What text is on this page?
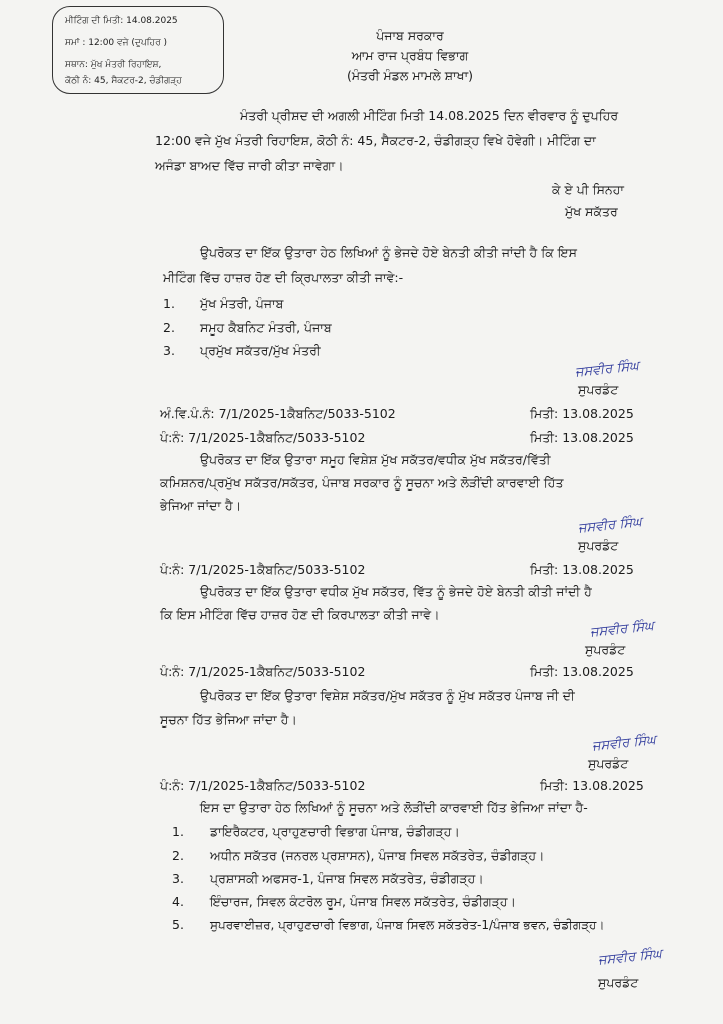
ਮੀਟਿੰਗ ਦੀ ਮਿਤੀ: 14.08.2025
ਸਮਾਂ : 12:00 ਵਜੇ (ਦੁਪਹਿਰ )
ਸਥਾਨ: ਮੁੱਖ ਮੰਤਰੀ ਰਿਹਾਇਸ਼,
ਕੋਠੀ ਨੰ: 45, ਸੈਕਟਰ-2, ਚੰਡੀਗੜ੍ਹ
ਪੰਜਾਬ ਸਰਕਾਰ
ਆਮ ਰਾਜ ਪ੍ਰਬੰਧ ਵਿਭਾਗ
(ਮੰਤਰੀ ਮੰਡਲ ਮਾਮਲੇ ਸ਼ਾਖਾ)
ਮੰਤਰੀ ਪ੍ਰੀਸ਼ਦ ਦੀ ਅਗਲੀ ਮੀਟਿੰਗ ਮਿਤੀ 14.08.2025 ਦਿਨ ਵੀਰਵਾਰ ਨੂੰ ਦੁਪਹਿਰ
12:00 ਵਜੇ ਮੁੱਖ ਮੰਤਰੀ ਰਿਹਾਇਸ਼, ਕੋਠੀ ਨੰ: 45, ਸੈਕਟਰ-2, ਚੰਡੀਗੜ੍ਹ ਵਿਖੇ ਹੋਵੇਗੀ। ਮੀਟਿੰਗ ਦਾ
ਅਜੰਡਾ ਬਾਅਦ ਵਿੱਚ ਜਾਰੀ ਕੀਤਾ ਜਾਵੇਗਾ।
ਕੇ ਏ ਪੀ ਸਿਨਹਾ
ਮੁੱਖ ਸਕੱਤਰ
ਉਪਰੋਕਤ ਦਾ ਇੱਕ ਉਤਾਰਾ ਹੇਠ ਲਿਖਿਆਂ ਨੂੰ ਭੇਜਦੇ ਹੋਏ ਬੇਨਤੀ ਕੀਤੀ ਜਾਂਦੀ ਹੈ ਕਿ ਇਸ
ਮੀਟਿੰਗ ਵਿੱਚ ਹਾਜ਼ਰ ਹੋਣ ਦੀ ਕ੍ਰਿਪਾਲਤਾ ਕੀਤੀ ਜਾਵੇ:-
1. ਮੁੱਖ ਮੰਤਰੀ, ਪੰਜਾਬ
2. ਸਮੂਹ ਕੈਬਨਿਟ ਮੰਤਰੀ, ਪੰਜਾਬ
3. ਪ੍ਰਮੁੱਖ ਸਕੱਤਰ/ਮੁੱਖ ਮੰਤਰੀ
ਜਸਵੀਰ ਸਿੰਘ
ਸੁਪਰਡੰਟ
ਅੰ.ਵਿ.ਪੰ.ਨੰ: 7/1/2025-1ਕੈਬਨਿਟ/5033-5102	ਮਿਤੀ: 13.08.2025
ਪੰ:ਨੰ: 7/1/2025-1ਕੈਬਨਿਟ/5033-5102	ਮਿਤੀ: 13.08.2025
ਉਪਰੋਕਤ ਦਾ ਇੱਕ ਉਤਾਰਾ ਸਮੂਹ ਵਿਸ਼ੇਸ਼ ਮੁੱਖ ਸਕੱਤਰ/ਵਧੀਕ ਮੁੱਖ ਸਕੱਤਰ/ਵਿੱਤੀ
ਕਮਿਸ਼ਨਰ/ਪ੍ਰਮੁੱਖ ਸਕੱਤਰ/ਸਕੱਤਰ, ਪੰਜਾਬ ਸਰਕਾਰ ਨੂੰ ਸੂਚਨਾ ਅਤੇ ਲੋੜੀਂਦੀ ਕਾਰਵਾਈ ਹਿੱਤ
ਭੇਜਿਆ ਜਾਂਦਾ ਹੈ।
ਜਸਵੀਰ ਸਿੰਘ
ਸੁਪਰਡੰਟ
ਪੰ:ਨੰ: 7/1/2025-1ਕੈਬਨਿਟ/5033-5102	ਮਿਤੀ: 13.08.2025
ਉਪਰੋਕਤ ਦਾ ਇੱਕ ਉਤਾਰਾ ਵਧੀਕ ਮੁੱਖ ਸਕੱਤਰ, ਵਿੱਤ ਨੂੰ ਭੇਜਦੇ ਹੋਏ ਬੇਨਤੀ ਕੀਤੀ ਜਾਂਦੀ ਹੈ
ਕਿ ਇਸ ਮੀਟਿੰਗ ਵਿੱਚ ਹਾਜ਼ਰ ਹੋਣ ਦੀ ਕਿਰਪਾਲਤਾ ਕੀਤੀ ਜਾਵੇ।
ਜਸਵੀਰ ਸਿੰਘ
ਸੁਪਰਡੰਟ
ਪੰ:ਨੰ: 7/1/2025-1ਕੈਬਨਿਟ/5033-5102	ਮਿਤੀ: 13.08.2025
ਉਪਰੋਕਤ ਦਾ ਇੱਕ ਉਤਾਰਾ ਵਿਸ਼ੇਸ਼ ਸਕੱਤਰ/ਮੁੱਖ ਸਕੱਤਰ ਨੂੰ ਮੁੱਖ ਸਕੱਤਰ ਪੰਜਾਬ ਜੀ ਦੀ
ਸੂਚਨਾ ਹਿੱਤ ਭੇਜਿਆ ਜਾਂਦਾ ਹੈ।
ਜਸਵੀਰ ਸਿੰਘ
ਸੁਪਰਡੰਟ
ਪੰ:ਨੰ: 7/1/2025-1ਕੈਬਨਿਟ/5033-5102	ਮਿਤੀ: 13.08.2025
ਇਸ ਦਾ ਉਤਾਰਾ ਹੇਠ ਲਿਖਿਆਂ ਨੂੰ ਸੂਚਨਾ ਅਤੇ ਲੋੜੀਂਦੀ ਕਾਰਵਾਈ ਹਿੱਤ ਭੇਜਿਆ ਜਾਂਦਾ ਹੈ-
1. ਡਾਇਰੈਕਟਰ, ਪ੍ਰਾਹੁਣਚਾਰੀ ਵਿਭਾਗ ਪੰਜਾਬ, ਚੰਡੀਗੜ੍ਹ।
2. ਅਧੀਨ ਸਕੱਤਰ (ਜਨਰਲ ਪ੍ਰਸ਼ਾਸਨ), ਪੰਜਾਬ ਸਿਵਲ ਸਕੱਤਰੇਤ, ਚੰਡੀਗੜ੍ਹ।
3. ਪ੍ਰਸ਼ਾਸਕੀ ਅਫਸਰ-1, ਪੰਜਾਬ ਸਿਵਲ ਸਕੱਤਰੇਤ, ਚੰਡੀਗੜ੍ਹ।
4. ਇੰਚਾਰਜ, ਸਿਵਲ ਕੰਟਰੋਲ ਰੂਮ, ਪੰਜਾਬ ਸਿਵਲ ਸਕੱਤਰੇਤ, ਚੰਡੀਗੜ੍ਹ।
5. ਸੁਪਰਵਾਈਜ਼ਰ, ਪ੍ਰਾਹੁਣਚਾਰੀ ਵਿਭਾਗ, ਪੰਜਾਬ ਸਿਵਲ ਸਕੱਤਰੇਤ-1/ਪੰਜਾਬ ਭਵਨ, ਚੰਡੀਗੜ੍ਹ।
ਜਸਵੀਰ ਸਿੰਘ
ਸੁਪਰਡੰਟ
